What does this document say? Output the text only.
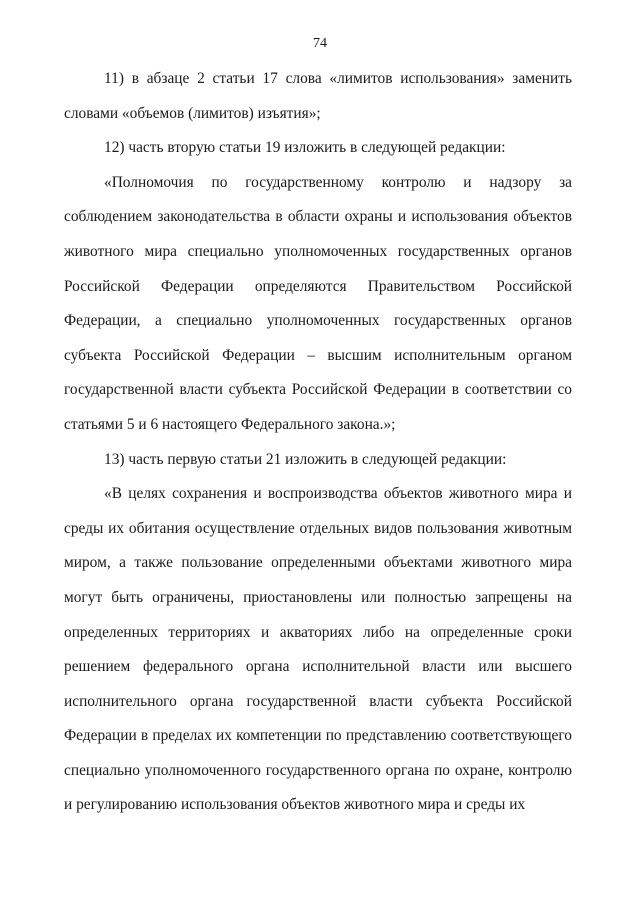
74

11) в абзаце 2 статьи 17 слова «лимитов использования» заменить словами «объемов (лимитов) изъятия»;

12) часть вторую статьи 19 изложить в следующей редакции:

«Полномочия по государственному контролю и надзору за соблюдением законодательства в области охраны и использования объектов животного мира специально уполномоченных государственных органов Российской Федерации определяются Правительством Российской Федерации, а специально уполномоченных государственных органов субъекта Российской Федерации – высшим исполнительным органом государственной власти субъекта Российской Федерации в соответствии со статьями 5 и 6 настоящего Федерального закона.»;

13) часть первую статьи 21 изложить в следующей редакции:

«В целях сохранения и воспроизводства объектов животного мира и среды их обитания осуществление отдельных видов пользования животным миром, а также пользование определенными объектами животного мира могут быть ограничены, приостановлены или полностью запрещены на определенных территориях и акваториях либо на определенные сроки решением федерального органа исполнительной власти или высшего исполнительного органа государственной власти субъекта Российской Федерации в пределах их компетенции по представлению соответствующего специально уполномоченного государственного органа по охране, контролю и регулированию использования объектов животного мира и среды их
